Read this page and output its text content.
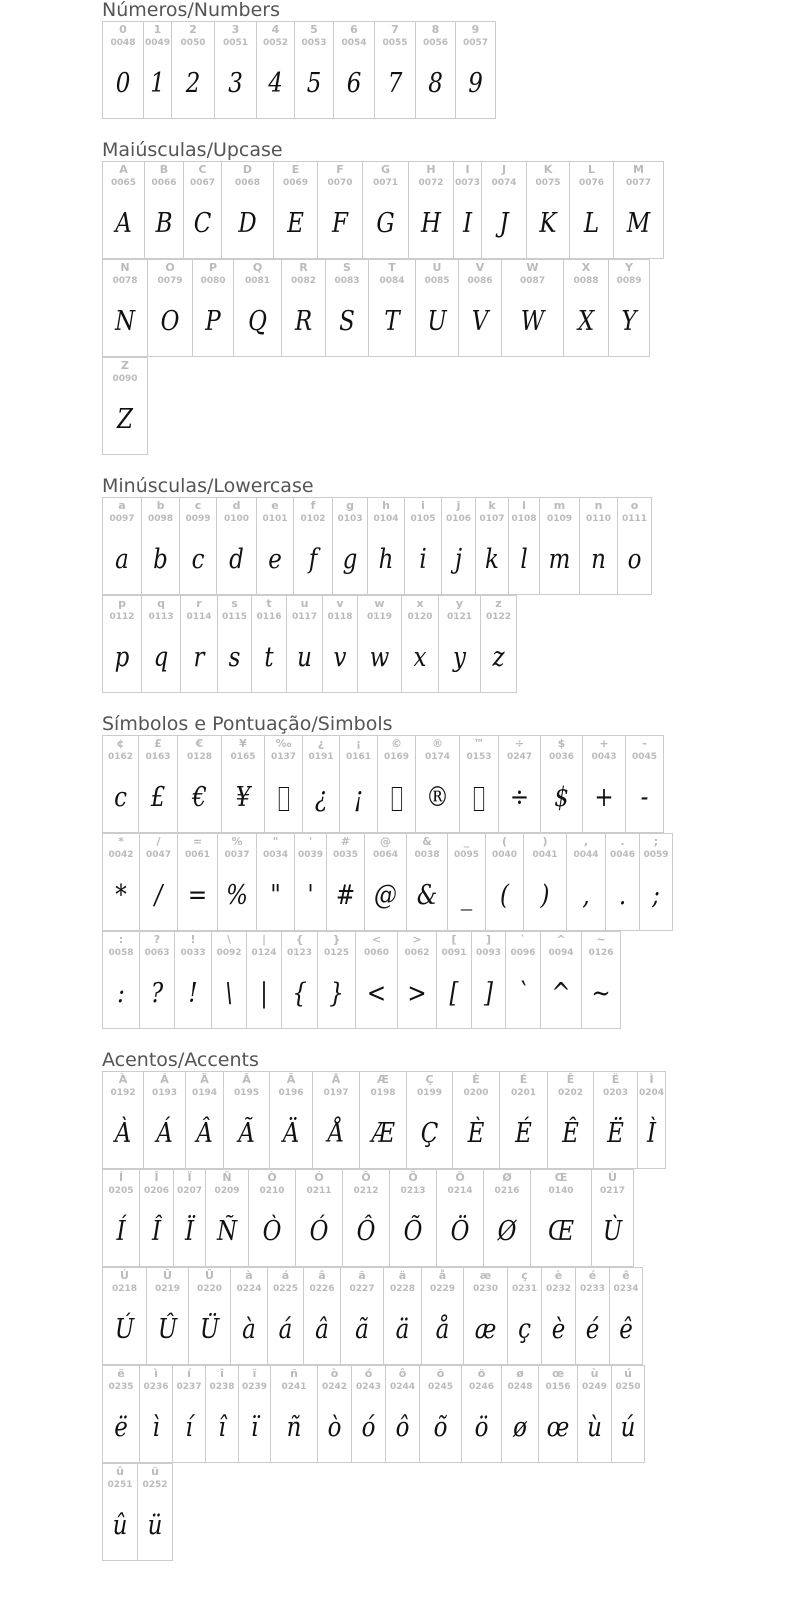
Números/Numbers
0
0048
0
1
0049
1
2
0050
2
3
0051
3
4
0052
4
5
0053
5
6
0054
6
7
0055
7
8
0056
8
9
0057
9
Maiúsculas/Upcase
A
0065
A
B
0066
B
C
0067
C
D
0068
D
E
0069
E
F
0070
F
G
0071
G
H
0072
H
I
0073
I
J
0074
J
K
0075
K
L
0076
L
M
0077
M
N
0078
N
O
0079
O
P
0080
P
Q
0081
Q
R
0082
R
S
0083
S
T
0084
T
U
0085
U
V
0086
V
W
0087
W
X
0088
X
Y
0089
Y
Z
0090
Z
Minúsculas/Lowercase
a
0097
a
b
0098
b
c
0099
c
d
0100
d
e
0101
e
f
0102
f
g
0103
g
h
0104
h
i
0105
i
j
0106
j
k
0107
k
l
0108
l
m
0109
m
n
0110
n
o
0111
o
p
0112
p
q
0113
q
r
0114
r
s
0115
s
t
0116
t
u
0117
u
v
0118
v
w
0119
w
x
0120
x
y
0121
y
z
0122
z
Símbolos e Pontuação/Simbols
¢
0162
c
£
0163
£
€
0128
€
¥
0165
¥
‰
0137
¿
0191
¿
¡
0161
¡
©
0169
®
0174
®
™
0153
÷
0247
÷
$
0036
$
+
0043
+
-
0045
-
*
0042
*
/
0047
/
=
0061
=
%
0037
%
"
0034
"
'
0039
'
#
0035
#
@
0064
@
&
0038
&
_
0095
_
(
0040
(
)
0041
)
,
0044
,
.
0046
.
;
0059
;
:
0058
:
?
0063
?
!
0033
!
\
0092
\
|
0124
|
{
0123
{
}
0125
}
<
0060
<
>
0062
>
[
0091
[
]
0093
]
`
0096
`
^
0094
^
~
0126
~
Acentos/Accents
À
0192
À
Á
0193
Á
Â
0194
Â
Ã
0195
Ã
Ä
0196
Ä
Å
0197
Å
Æ
0198
Æ
Ç
0199
Ç
È
0200
È
É
0201
É
Ê
0202
Ê
Ë
0203
Ë
Ì
0204
Ì
Í
0205
Í
Î
0206
Î
Ï
0207
Ï
Ñ
0209
Ñ
Ò
0210
Ò
Ó
0211
Ó
Ô
0212
Ô
Õ
0213
Õ
Ö
0214
Ö
Ø
0216
Ø
Œ
0140
Œ
Ù
0217
Ù
Ú
0218
Ú
Û
0219
Û
Ü
0220
Ü
à
0224
à
á
0225
á
â
0226
â
ã
0227
ã
ä
0228
ä
å
0229
å
æ
0230
æ
ç
0231
ç
è
0232
è
é
0233
é
ê
0234
ê
ë
0235
ë
ì
0236
ì
í
0237
í
î
0238
î
ï
0239
ï
ñ
0241
ñ
ò
0242
ò
ó
0243
ó
ô
0244
ô
õ
0245
õ
ö
0246
ö
ø
0248
ø
œ
0156
œ
ù
0249
ù
ú
0250
ú
û
0251
û
ü
0252
ü
